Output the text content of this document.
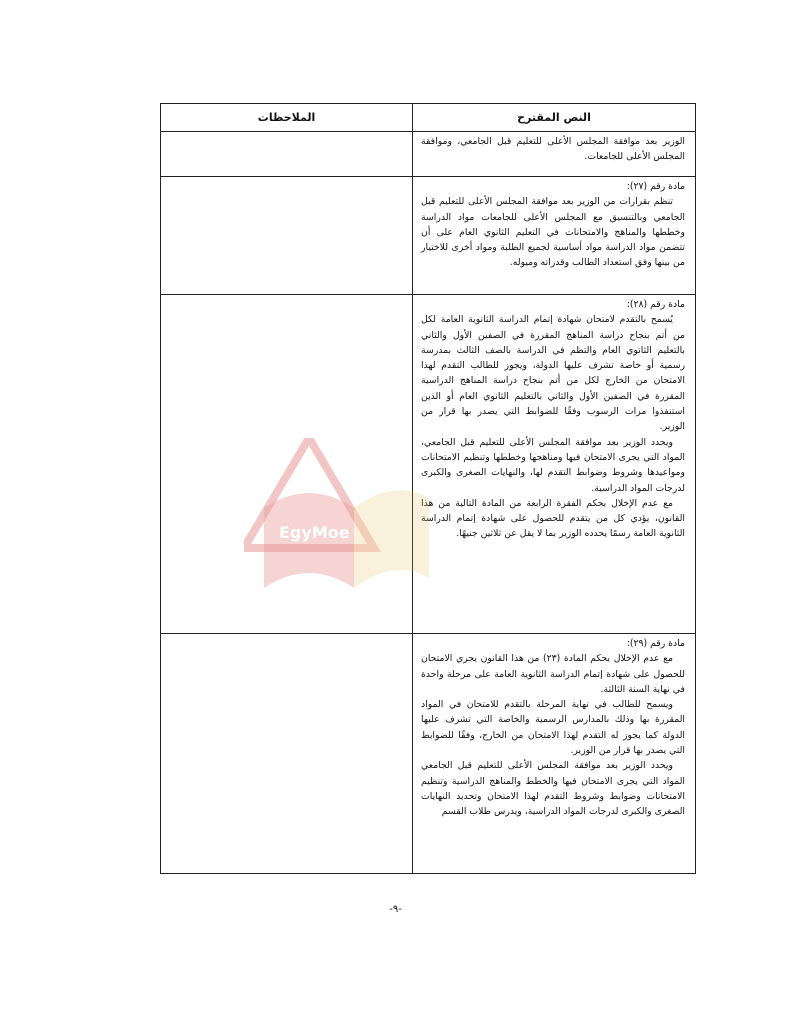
النص المقترح	الملاحظات

الوزير بعد موافقة المجلس الأعلى للتعليم قبل الجامعي، وموافقة المجلس الأعلى للجامعات.	

مادة رقم (٢٧):

تنظم بقرارات من الوزير بعد موافقة المجلس الأعلى للتعليم قبل الجامعي وبالتنسيق مع المجلس الأعلى للجامعات مواد الدراسة وخططها والمناهج والامتحانات في التعليم الثانوي العام على أن تتضمن مواد الدراسة مواد أساسية لجميع الطلبة ومواد أخرى للاختيار من بينها وفق استعداد الطالب وقدراته وميوله.	

مادة رقم (٢٨):

يُسمح بالتقدم لامتحان شهادة إتمام الدراسة الثانوية العامة لكل من أتم بنجاح دراسة المناهج المقررة في الصفين الأول والثاني بالتعليم الثانوي العام والتظم في الدراسة بالصف الثالث بمدرسة رسمية أو خاصة تشرف عليها الدولة، ويجوز للطالب التقدم لهذا الامتحان من الخارج لكل من أتم بنجاح دراسة المناهج الدراسية المقررة في الصفين الأول والثاني بالتعليم الثانوي العام أو الذين استنفذوا مرات الرسوب وفقًا للضوابط التي يصدر بها قرار من الوزير.

ويحدد الوزير بعد موافقة المجلس الأعلى للتعليم قبل الجامعي، المواد التي يجرى الامتحان فيها ومناهجها وخططها وتنظيم الامتحانات ومواعيدها وشروط وضوابط التقدم لها، والنهايات الصغرى والكبرى لدرجات المواد الدراسية.

مع عدم الإخلال بحكم الفقرة الرابعة من المادة التالية من هذا القانون، يؤدي كل من يتقدم للحصول على شهادة إتمام الدراسة الثانوية العامة رسمًا يحدده الوزير بما لا يقل عن ثلاثين جنيهًا.	

مادة رقم (٢٩):

مع عدم الإخلال بحكم المادة (٢٣) من هذا القانون يجري الامتحان للحصول على شهادة إتمام الدراسة الثانوية العامة على مرحلة واحدة في نهاية السنة الثالثة.

ويسمح للطالب في نهاية المرحلة بالتقدم للامتحان في المواد المقررة بها وذلك بالمدارس الرسمية والخاصة التي تشرف عليها الدولة كما يجوز له التقدم لهذا الامتحان من الخارج، وفقًا للضوابط التي يصدر بها قرار من الوزير.

ويحدد الوزير بعد موافقة المجلس الأعلى للتعليم قبل الجامعي المواد التي يجرى الامتحان فيها والخطط والمناهج الدراسية وتنظيم الامتحانات وضوابط وشروط التقدم لهذا الامتحان وتحديد النهايات الصغرى والكبرى لدرجات المواد الدراسية، ويدرس طلاب القسم	

EgyMoe
-٩-
